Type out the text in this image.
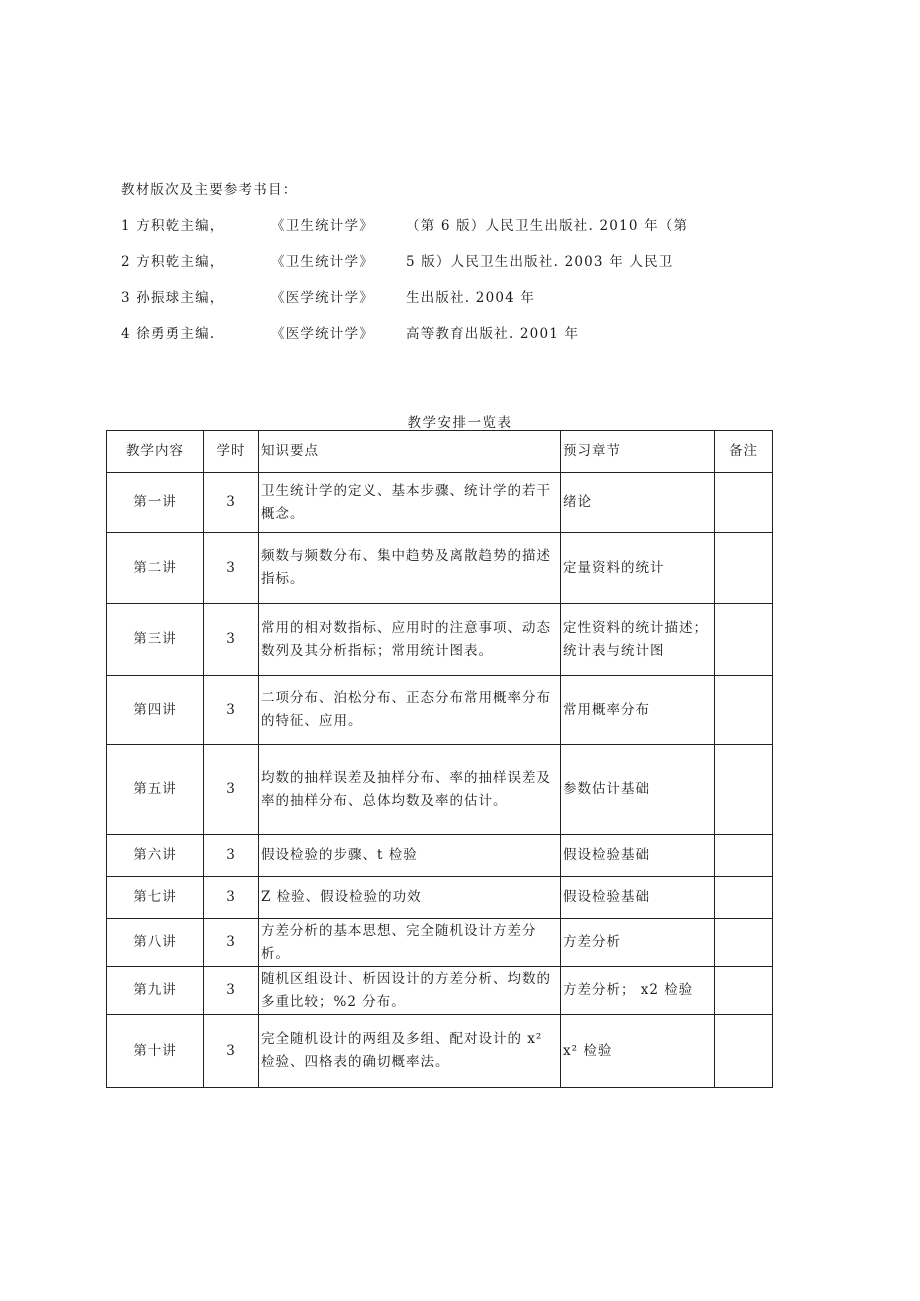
教材版次及主要参考书目：
1 方积乾主编，	《卫生统计学》 （第 6 版）人民卫生出版社. 2010 年（第
2 方积乾主编，	《卫生统计学》 5 版）人民卫生出版社. 2003 年 人民卫
3 孙振球主编，	《医学统计学》 生出版社. 2004 年
4 徐勇勇主编.	《医学统计学》 高等教育出版社. 2001 年
教学安排一览表
教学内容	学时	知识要点	预习章节	备注
第一讲	3	卫生统计学的定义、基本步骤、统计学的若干概念。	绪论	
第二讲	3	频数与频数分布、集中趋势及离散趋势的描述指标。	定量资料的统计	
第三讲	3	常用的相对数指标、应用时的注意事项、动态数列及其分析指标；常用统计图表。	定性资料的统计描述；统计表与统计图	
第四讲	3	二项分布、泊松分布、正态分布常用概率分布的特征、应用。	常用概率分布	
第五讲	3	均数的抽样误差及抽样分布、率的抽样误差及率的抽样分布、总体均数及率的估计。	参数估计基础	
第六讲	3	假设检验的步骤、t 检验	假设检验基础	
第七讲	3	Z 检验、假设检验的功效	假设检验基础	
第八讲	3	方差分析的基本思想、完全随机设计方差分析。	方差分析	
第九讲	3	随机区组设计、析因设计的方差分析、均数的多重比较；%2 分布。	方差分析； x2 检验	
第十讲	3	完全随机设计的两组及多组、配对设计的 x² 检验、四格表的确切概率法。	x² 检验	
